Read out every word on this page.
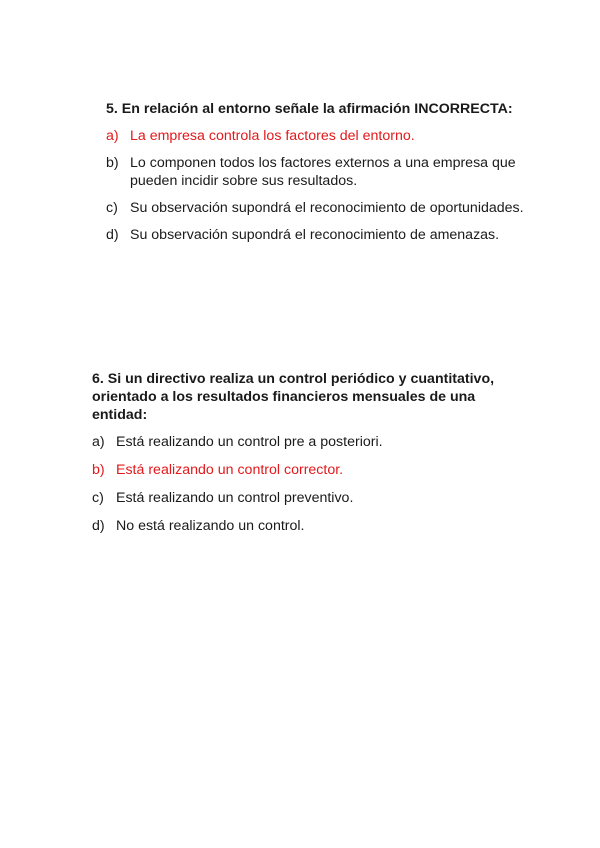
5. En relación al entorno señale la afirmación INCORRECTA:

a) La empresa controla los factores del entorno.
b) Lo componen todos los factores externos a una empresa que pueden incidir sobre sus resultados.
c) Su observación supondrá el reconocimiento de oportunidades.
d) Su observación supondrá el reconocimiento de amenazas.

6. Si un directivo realiza un control periódico y cuantitativo, orientado a los resultados financieros mensuales de una entidad:

a) Está realizando un control pre a posteriori.
b) Está realizando un control corrector.
c) Está realizando un control preventivo.
d) No está realizando un control.
